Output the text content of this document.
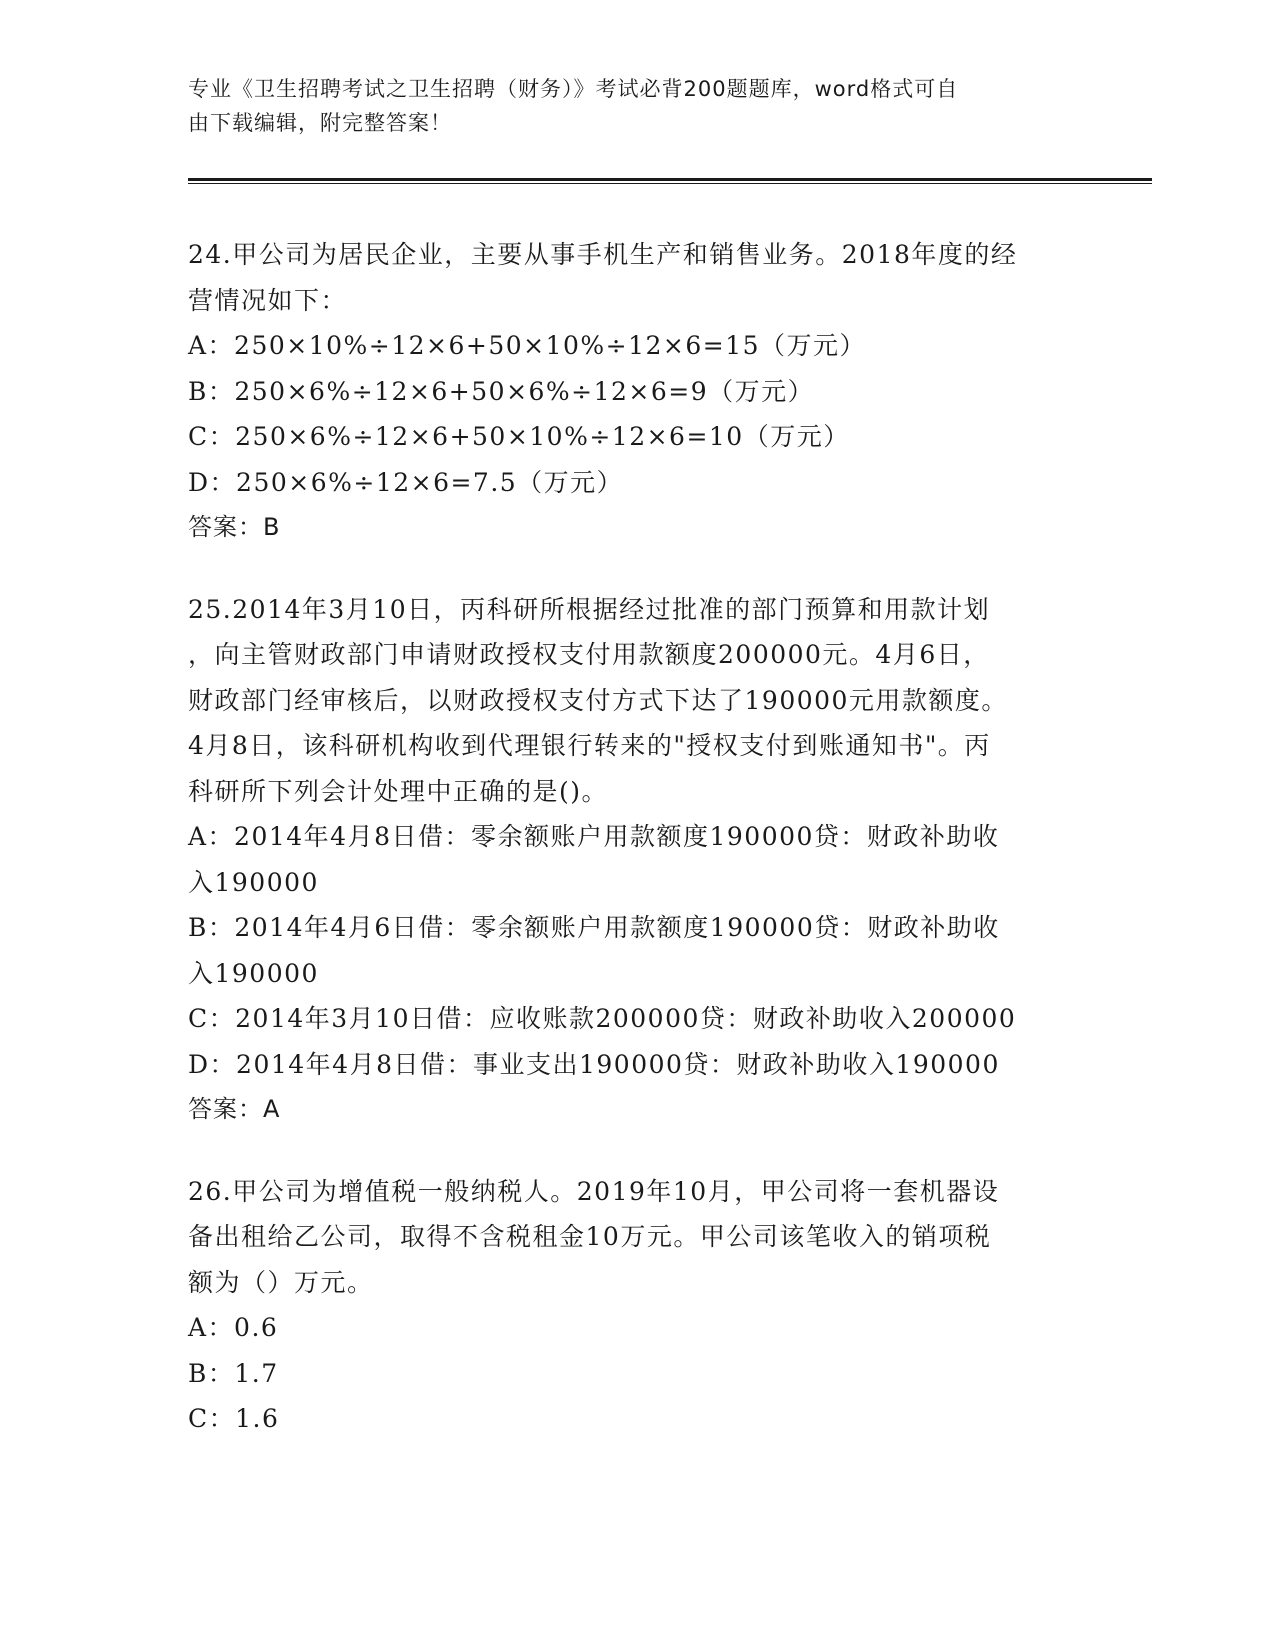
专业《卫生招聘考试之卫生招聘（财务）》考试必背200题题库，word格式可自
由下载编辑，附完整答案！
24.甲公司为居民企业，主要从事手机生产和销售业务。2018年度的经
营情况如下：
A：250×10%÷12×6+50×10%÷12×6=15（万元）
B：250×6%÷12×6+50×6%÷12×6=9（万元）
C：250×6%÷12×6+50×10%÷12×6=10（万元）
D：250×6%÷12×6=7.5（万元）
答案：B
25.2014年3月10日，丙科研所根据经过批准的部门预算和用款计划
，向主管财政部门申请财政授权支付用款额度200000元。4月6日，
财政部门经审核后，以财政授权支付方式下达了190000元用款额度。
4月8日，该科研机构收到代理银行转来的"授权支付到账通知书"。丙
科研所下列会计处理中正确的是()。
A：2014年4月8日借：零余额账户用款额度190000贷：财政补助收
入190000
B：2014年4月6日借：零余额账户用款额度190000贷：财政补助收
入190000
C：2014年3月10日借：应收账款200000贷：财政补助收入200000
D：2014年4月8日借：事业支出190000贷：财政补助收入190000
答案：A
26.甲公司为增值税一般纳税人。2019年10月，甲公司将一套机器设
备出租给乙公司，取得不含税租金10万元。甲公司该笔收入的销项税
额为（）万元。
A：0.6
B：1.7
C：1.6
